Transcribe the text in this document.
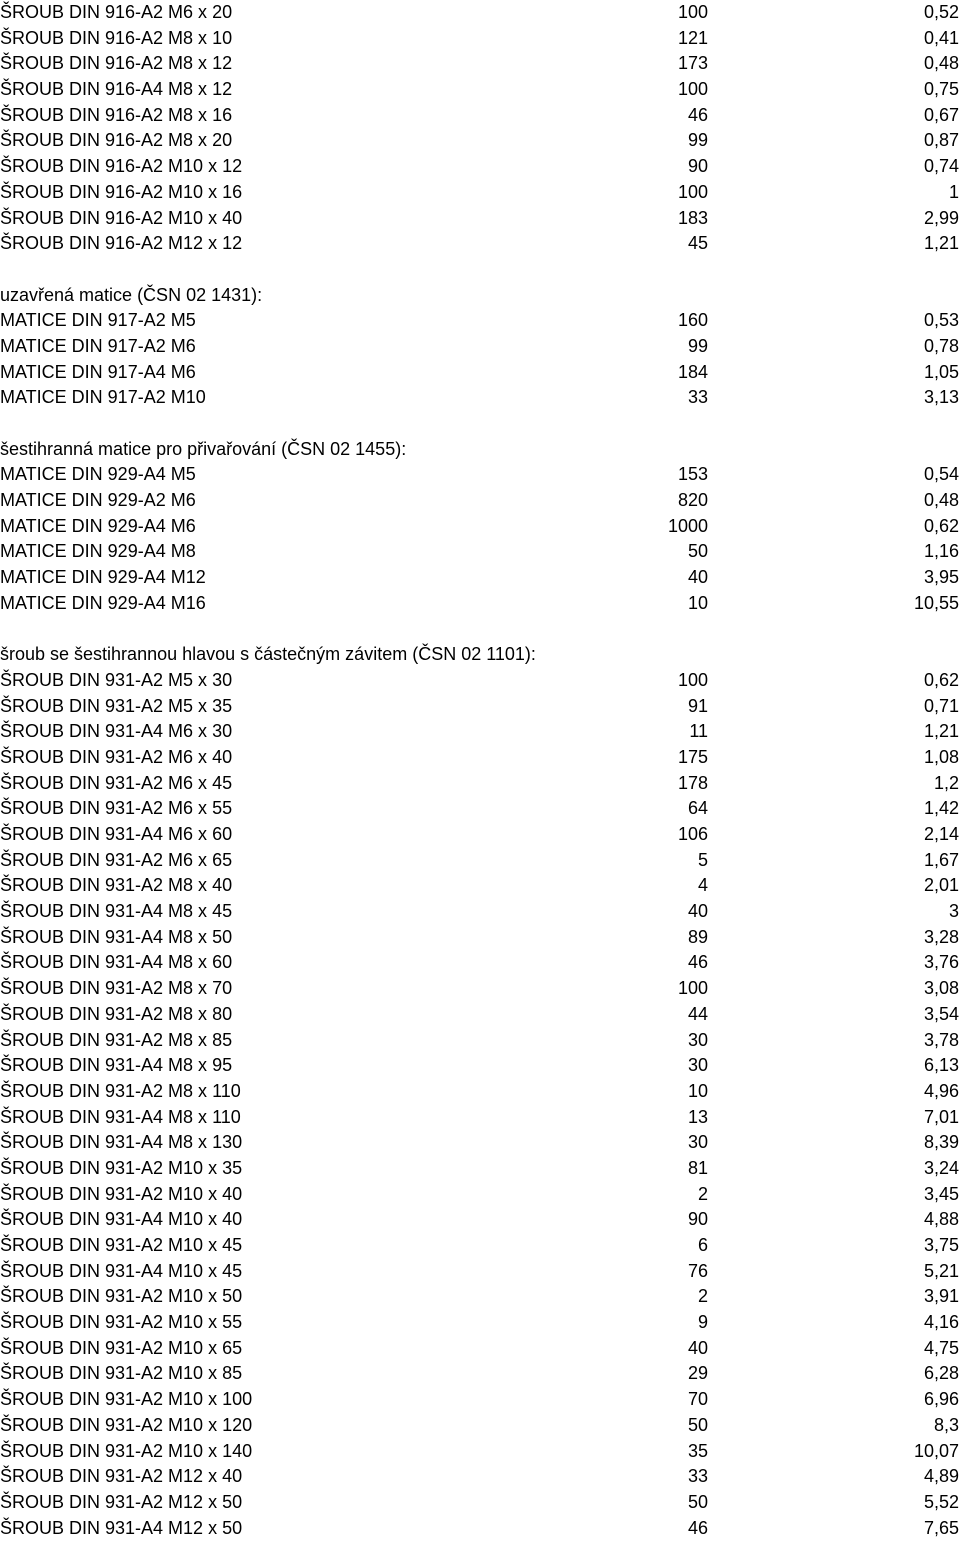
ŠROUB DIN 916-A2 M6 x 20	100	0,52
ŠROUB DIN 916-A2 M8 x 10	121	0,41
ŠROUB DIN 916-A2 M8 x 12	173	0,48
ŠROUB DIN 916-A4 M8 x 12	100	0,75
ŠROUB DIN 916-A2 M8 x 16	46	0,67
ŠROUB DIN 916-A2 M8 x 20	99	0,87
ŠROUB DIN 916-A2 M10 x 12	90	0,74
ŠROUB DIN 916-A2 M10 x 16	100	1
ŠROUB DIN 916-A2 M10 x 40	183	2,99
ŠROUB DIN 916-A2 M12 x 12	45	1,21
uzavřená matice (ČSN 02 1431):
MATICE DIN 917-A2 M5	160	0,53
MATICE DIN 917-A2 M6	99	0,78
MATICE DIN 917-A4 M6	184	1,05
MATICE DIN 917-A2 M10	33	3,13
šestihranná matice pro přivařování (ČSN 02 1455):
MATICE DIN 929-A4 M5	153	0,54
MATICE DIN 929-A2 M6	820	0,48
MATICE DIN 929-A4 M6	1000	0,62
MATICE DIN 929-A4 M8	50	1,16
MATICE DIN 929-A4 M12	40	3,95
MATICE DIN 929-A4 M16	10	10,55
šroub se šestihrannou hlavou s částečným závitem (ČSN 02 1101):
ŠROUB DIN 931-A2 M5 x 30	100	0,62
ŠROUB DIN 931-A2 M5 x 35	91	0,71
ŠROUB DIN 931-A4 M6 x 30	11	1,21
ŠROUB DIN 931-A2 M6 x 40	175	1,08
ŠROUB DIN 931-A2 M6 x 45	178	1,2
ŠROUB DIN 931-A2 M6 x 55	64	1,42
ŠROUB DIN 931-A4 M6 x 60	106	2,14
ŠROUB DIN 931-A2 M6 x 65	5	1,67
ŠROUB DIN 931-A2 M8 x 40	4	2,01
ŠROUB DIN 931-A4 M8 x 45	40	3
ŠROUB DIN 931-A4 M8 x 50	89	3,28
ŠROUB DIN 931-A4 M8 x 60	46	3,76
ŠROUB DIN 931-A2 M8 x 70	100	3,08
ŠROUB DIN 931-A2 M8 x 80	44	3,54
ŠROUB DIN 931-A2 M8 x 85	30	3,78
ŠROUB DIN 931-A4 M8 x 95	30	6,13
ŠROUB DIN 931-A2 M8 x 110	10	4,96
ŠROUB DIN 931-A4 M8 x 110	13	7,01
ŠROUB DIN 931-A4 M8 x 130	30	8,39
ŠROUB DIN 931-A2 M10 x 35	81	3,24
ŠROUB DIN 931-A2 M10 x 40	2	3,45
ŠROUB DIN 931-A4 M10 x 40	90	4,88
ŠROUB DIN 931-A2 M10 x 45	6	3,75
ŠROUB DIN 931-A4 M10 x 45	76	5,21
ŠROUB DIN 931-A2 M10 x 50	2	3,91
ŠROUB DIN 931-A2 M10 x 55	9	4,16
ŠROUB DIN 931-A2 M10 x 65	40	4,75
ŠROUB DIN 931-A2 M10 x 85	29	6,28
ŠROUB DIN 931-A2 M10 x 100	70	6,96
ŠROUB DIN 931-A2 M10 x 120	50	8,3
ŠROUB DIN 931-A2 M10 x 140	35	10,07
ŠROUB DIN 931-A2 M12 x 40	33	4,89
ŠROUB DIN 931-A2 M12 x 50	50	5,52
ŠROUB DIN 931-A4 M12 x 50	46	7,65
